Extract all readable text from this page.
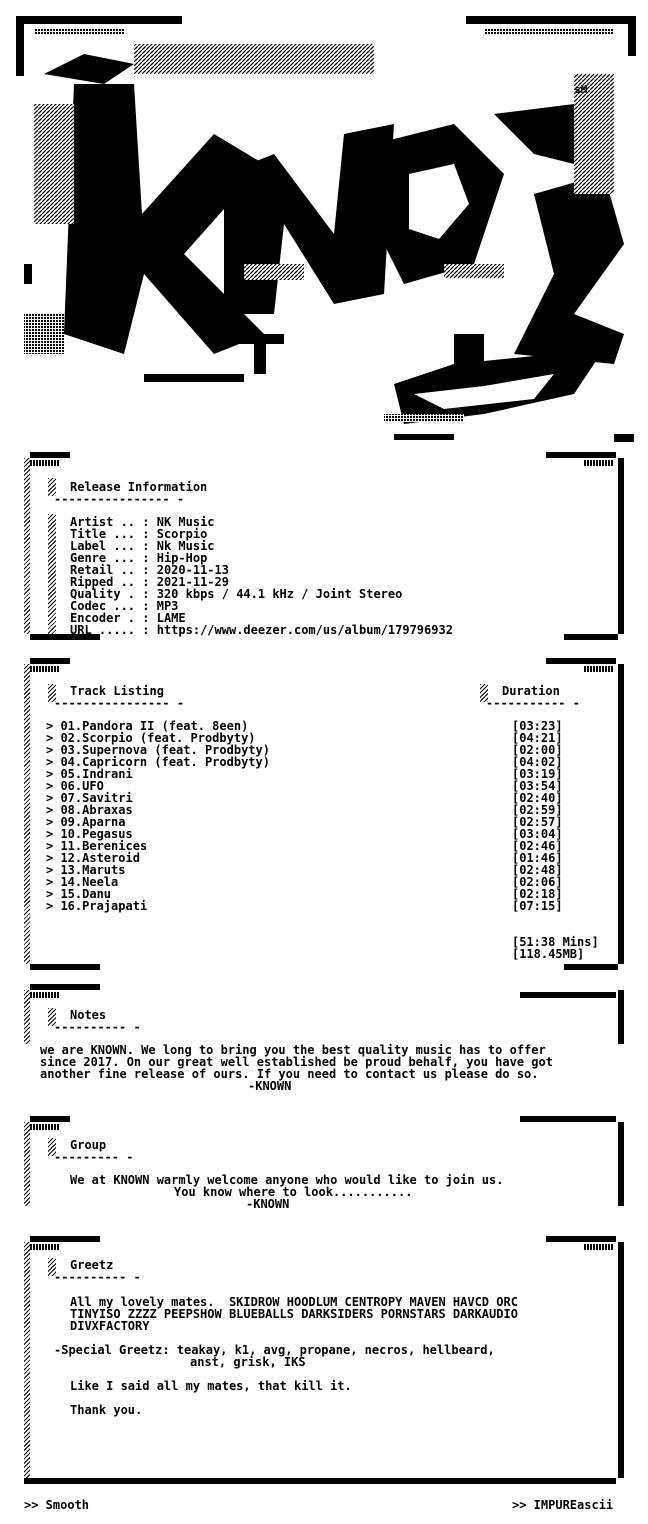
sM
Release Information
---------------- -
Artist .. : NK Music
Title ... : Scorpio
Label ... : Nk Music
Genre ... : Hip-Hop
Retail .. : 2020-11-13
Ripped .. : 2021-11-29
Quality . : 320 kbps / 44.1 kHz / Joint Stereo
Codec ... : MP3
Encoder . : LAME
URL ..... : https://www.deezer.com/us/album/179796932
Track Listing
---------------- -
Duration
----------- -
> 01.Pandora II (feat. 8een)	[03:23]
> 02.Scorpio (feat. Prodbyty)	[04:21]
> 03.Supernova (feat. Prodbyty)	[02:00]
> 04.Capricorn (feat. Prodbyty)	[04:02]
> 05.Indrani	[03:19]
> 06.UFO	[03:54]
> 07.Savitri	[02:40]
> 08.Abraxas	[02:59]
> 09.Aparna	[02:57]
> 10.Pegasus	[03:04]
> 11.Berenices	[02:46]
> 12.Asteroid	[01:46]
> 13.Maruts	[02:48]
> 14.Neela	[02:06]
> 15.Danu	[02:18]
> 16.Prajapati	[07:15]
[51:38 Mins]
[118.45MB]
Notes
---------- -
we are KNOWN. We long to bring you the best quality music has to offer
since 2017. On our great well established be proud behalf, you have got
another fine release of ours. If you need to contact us please do so.
-KNOWN
Group
--------- -
We at KNOWN warmly welcome anyone who would like to join us.
You know where to look...........
-KNOWN
Greetz
---------- -
All my lovely mates.  SKIDROW HOODLUM CENTROPY MAVEN HAVCD ORC
TINYISO ZZZZ PEEPSHOW BLUEBALLS DARKSIDERS PORNSTARS DARKAUDIO
DIVXFACTORY
-Special Greetz: teakay, k1, avg, propane, necros, hellbeard,
anst, grisk, IKS
Like I said all my mates, that kill it.
Thank you.
>> Smooth	>> IMPUREascii
